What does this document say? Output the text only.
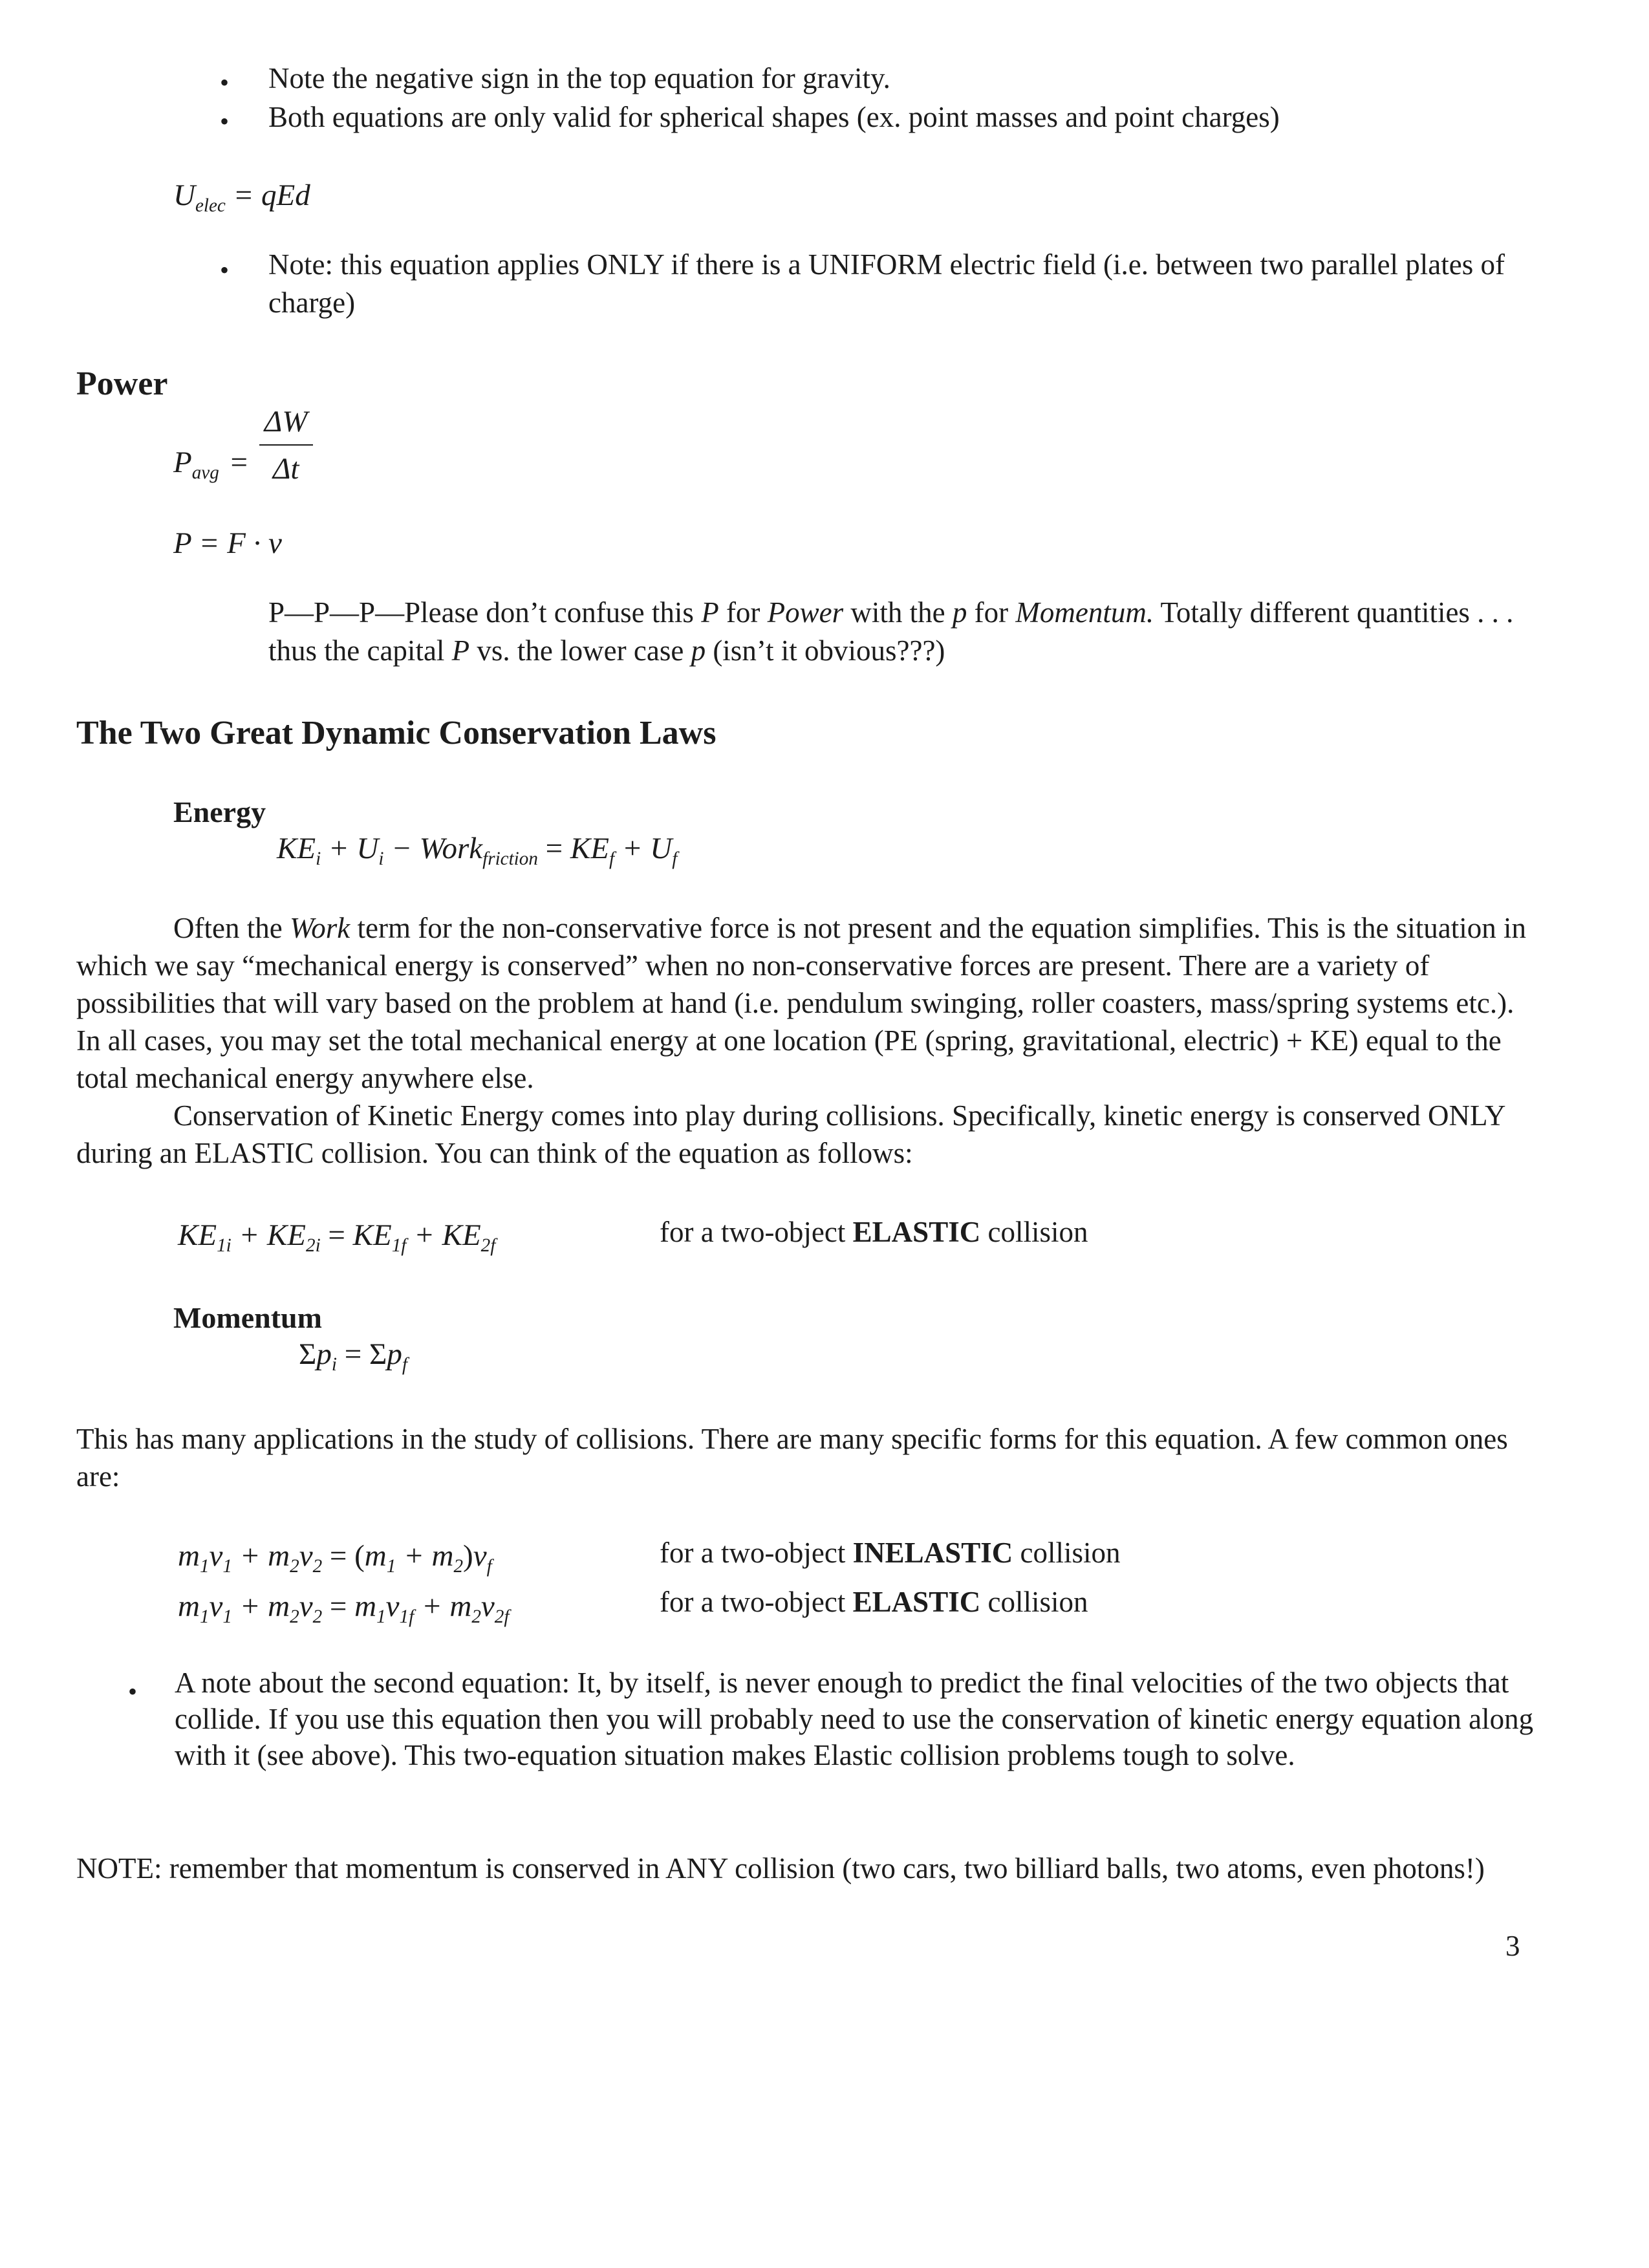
• Note the negative sign in the top equation for gravity.
• Both equations are only valid for spherical shapes (ex. point masses and point charges)
$U_{elec}$ = qEd
• Note: this equation applies ONLY if there is a UNIFORM electric field (i.e. between two parallel plates of charge)
Power
$P_{avg} = \frac{\Delta W}{\Delta t}$
P = F · v
P—P—P—Please don’t confuse this P for Power with the p for Momentum. Totally different quantities . . . thus the capital P vs. the lower case p (isn’t it obvious???)
The Two Great Dynamic Conservation Laws
Energy
$KE_i + U_i$ − Work$_{friction}$ = $KE_f + U_f$
Often the Work term for the non-conservative force is not present and the equation simplifies. This is the situation in which we say “mechanical energy is conserved” when no non-conservative forces are present. There are a variety of possibilities that will vary based on the problem at hand (i.e. pendulum swinging, roller coasters, mass/spring systems etc.). In all cases, you may set the total mechanical energy at one location (PE (spring, gravitational, electric) + KE) equal to the total mechanical energy anywhere else.
Conservation of Kinetic Energy comes into play during collisions. Specifically, kinetic energy is conserved ONLY during an ELASTIC collision. You can think of the equation as follows:
$KE_{1i} + KE_{2i} = KE_{1f} + KE_{2f}$	for a two-object ELASTIC collision
Momentum
$\Sigma p_i = \Sigma p_f$
This has many applications in the study of collisions. There are many specific forms for this equation. A few common ones are:
$m_1v_1 + m_2v_2 = (m_1 + m_2)v_f$	for a two-object INELASTIC collision
$m_1v_1 + m_2v_2 = m_1v_{1f} + m_2v_{2f}$	for a two-object ELASTIC collision
• A note about the second equation: It, by itself, is never enough to predict the final velocities of the two objects that collide. If you use this equation then you will probably need to use the conservation of kinetic energy equation along with it (see above). This two-equation situation makes Elastic collision problems tough to solve.
NOTE: remember that momentum is conserved in ANY collision (two cars, two billiard balls, two atoms, even photons!)
3
